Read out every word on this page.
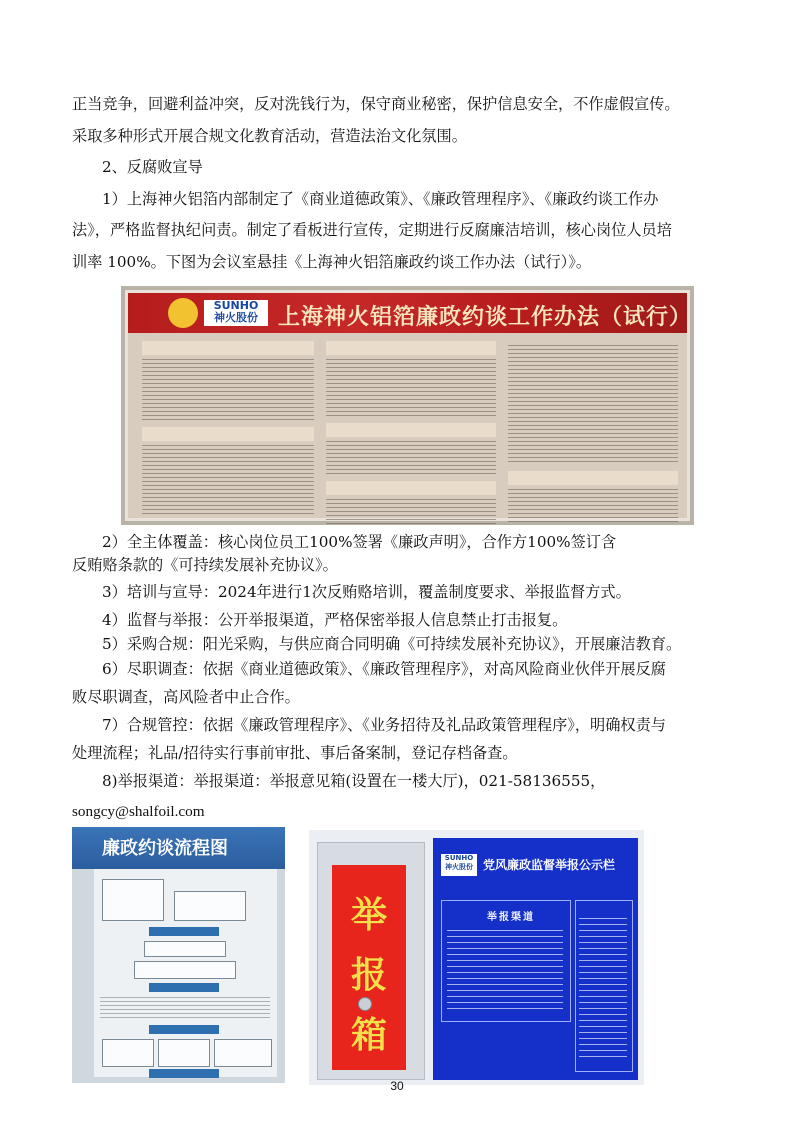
正当竞争，回避利益冲突，反对洗钱行为，保守商业秘密，保护信息安全，不作虚假宣传。
采取多种形式开展合规文化教育活动，营造法治文化氛围。
2、反腐败宣导
1）上海神火铝箔内部制定了《商业道德政策》、《廉政管理程序》、《廉政约谈工作办
法》，严格监督执纪问责。制定了看板进行宣传，定期进行反腐廉洁培训，核心岗位人员培
训率 100%。下图为会议室悬挂《上海神火铝箔廉政约谈工作办法（试行）》。
SUNHO
神火股份 上海神火铝箔廉政约谈工作办法（试行）
2）全主体覆盖：核心岗位员工100%签署《廉政声明》，合作方100%签订含
反贿赂条款的《可持续发展补充协议》。
3）培训与宣导：2024年进行1次反贿赂培训，覆盖制度要求、举报监督方式。
4）监督与举报：公开举报渠道，严格保密举报人信息禁止打击报复。
5）采购合规：阳光采购，与供应商合同明确《可持续发展补充协议》，开展廉洁教育。
6）尽职调查：依据《商业道德政策》、《廉政管理程序》，对高风险商业伙伴开展反腐
败尽职调查，高风险者中止合作。
7）合规管控：依据《廉政管理程序》、《业务招待及礼品政策管理程序》，明确权责与
处理流程；礼品/招待实行事前审批、事后备案制，登记存档备查。
8)举报渠道：举报渠道：举报意见箱(设置在一楼大厅)，021-58136555，
songcy@shalfoil.com
廉政约谈流程图
举
报
箱
SUNHO
神火股份 党风廉政监督举报公示栏
举报渠道
30
